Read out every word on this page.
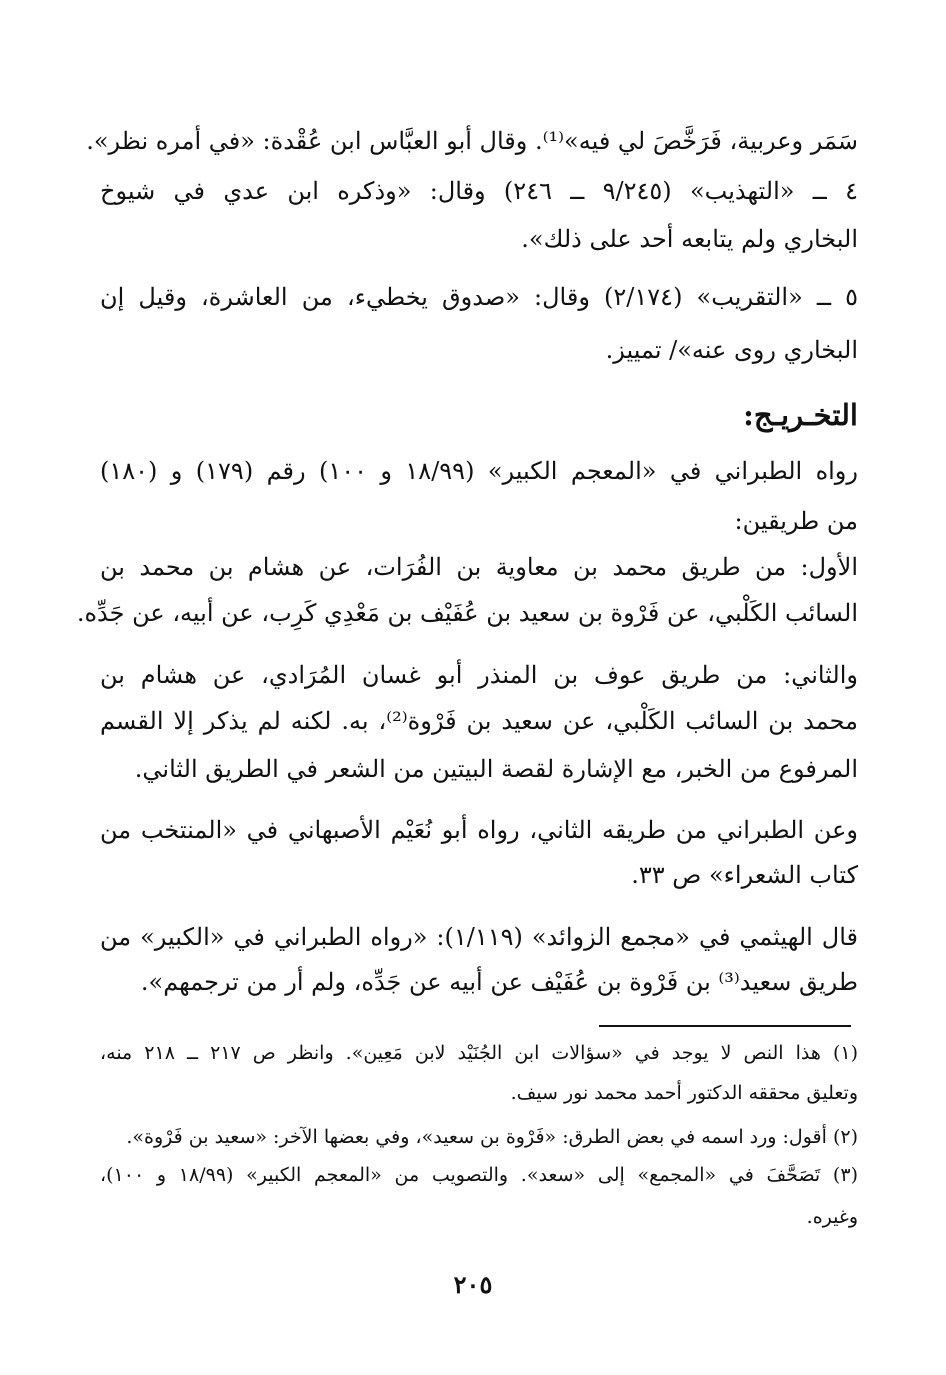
سَمَر وعربية، فَرَخَّصَ لي فيه»⁽¹⁾. وقال أبو العبَّاس ابن عُقْدة: «في أمره نظر».
٤ ــ «التهذيب» (٩/٢٤٥ ــ ٢٤٦) وقال: «وذكره ابن عدي في شيوخ
البخاري ولم يتابعه أحد على ذلك».
٥ ــ «التقريب» (٢/١٧٤) وقال: «صدوق يخطيء، من العاشرة، وقيل إن
البخاري روى عنه»/ تمييز.
التخـريـج:
رواه الطبراني في «المعجم الكبير» (١٨/٩٩ و ١٠٠) رقم (١٧٩) و (١٨٠)
من طريقين:
الأول: من طريق محمد بن معاوية بن الفُرَات، عن هشام بن محمد بن
السائب الكَلْبي، عن فَرْوة بن سعيد بن عُفَيْف بن مَعْدِي كَرِب، عن أبيه، عن جَدِّه.
والثاني: من طريق عوف بن المنذر أبو غسان المُرَادي، عن هشام بن
محمد بن السائب الكَلْبي، عن سعيد بن فَرْوة⁽²⁾، به. لكنه لم يذكر إلا القسم
المرفوع من الخبر، مع الإشارة لقصة البيتين من الشعر في الطريق الثاني.
وعن الطبراني من طريقه الثاني، رواه أبو نُعَيْم الأصبهاني في «المنتخب من
كتاب الشعراء» ص ٣٣.
قال الهيثمي في «مجمع الزوائد» (١/١١٩): «رواه الطبراني في «الكبير» من
طريق سعيد⁽³⁾ بن فَرْوة بن عُفَيْف عن أبيه عن جَدِّه، ولم أر من ترجمهم».
(١) هذا النص لا يوجد في «سؤالات ابن الجُنَيْد لابن مَعِين». وانظر ص ٢١٧ ــ ٢١٨ منه،
وتعليق محققه الدكتور أحمد محمد نور سيف.
(٢) أقول: ورد اسمه في بعض الطرق: «فَرْوة بن سعيد»، وفي بعضها الآخر: «سعيد بن فَرْوة».
(٣) تَصَحَّفَ في «المجمع» إلى «سعد». والتصويب من «المعجم الكبير» (١٨/٩٩ و ١٠٠)،
وغيره.
٢٠٥
